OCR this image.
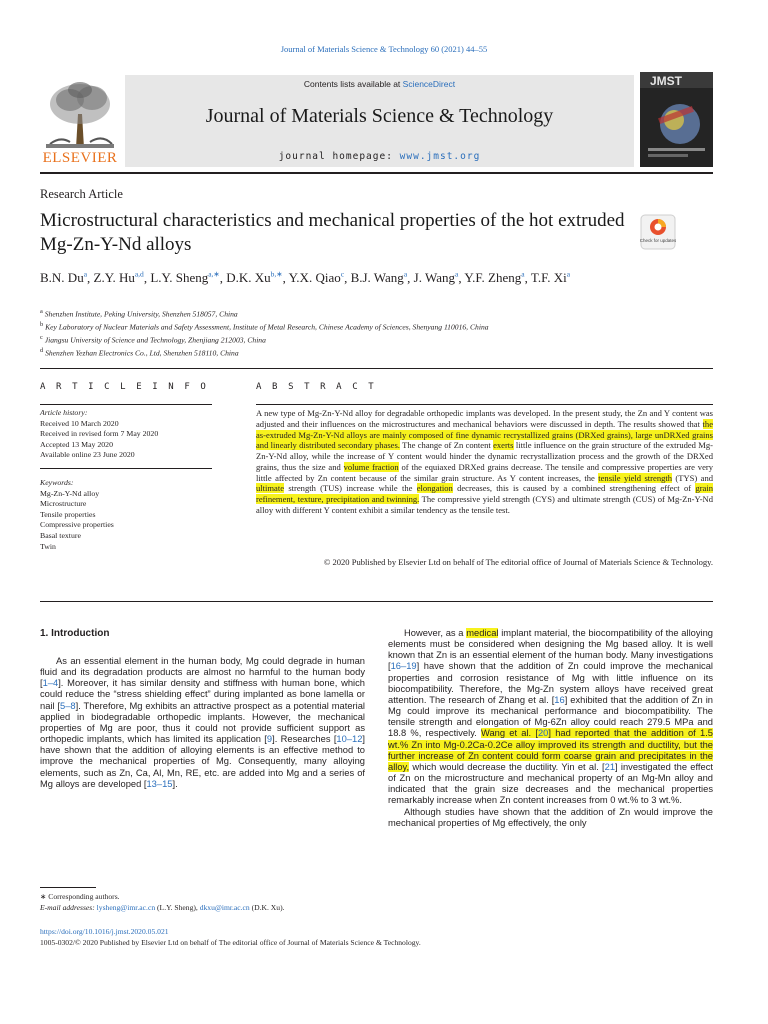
Journal of Materials Science & Technology 60 (2021) 44–55
ELSEVIER
Contents lists available at ScienceDirect
Journal of Materials Science & Technology
journal homepage: www.jmst.org
JMST
Research Article
Microstructural characteristics and mechanical properties of the hot extruded Mg-Zn-Y-Nd alloys	Check for updates
B.N. Du$^a$, Z.Y. Hu$^{a,d}$, L.Y. Sheng$^{a,∗}$, D.K. $Xu^{b,∗}$, Y.X. Qiao$^c$, B.J. Wang$^a$, J. Wang$^a$, Y.F. Zheng$^a$, T.F. Xi$^a$
$^a$ Shenzhen Institute, Peking University, Shenzhen 518057, China
$^b$ Key Laboratory of Nuclear Materials and Safety Assessment, Institute of Metal Research, Chinese Academy of Sciences, Shenyang 110016, China
$^c$ Jiangsu University of Science and Technology, Zhenjiang 212003, China
$^d$ Shenzhen Yezhan Electronics Co., Ltd, Shenzhen 518110, China
A R T I C L E I N F O	A B S T R A C T
Article history:
Received 10 March 2020
Received in revised form 7 May 2020
Accepted 13 May 2020
Available online 23 June 2020
Keywords:
Mg-Zn-Y-Nd alloy
Microstructure
Tensile properties
Compressive properties
Basal texture
Twin
A new type of Mg-Zn-Y-Nd alloy for degradable orthopedic implants was developed. In the present study, the Zn and Y content was adjusted and their influences on the microstructures and mechanical behaviors were discussed in depth. The results showed that the as-extruded Mg-Zn-Y-Nd alloys are mainly composed of fine dynamic recrystallized grains (DRXed grains), large unDRXed grains and linearly distributed secondary phases. The change of Zn content exerts little influence on the grain structure of the extruded Mg-Zn-Y-Nd alloy, while the increase of Y content would hinder the dynamic recrystallization process and the growth of the DRXed grains, thus the size and volume fraction of the equiaxed DRXed grains decrease. The tensile and compressive properties are very little affected by Zn content because of the similar grain structure. As Y content increases, the tensile yield strength (TYS) and ultimate strength (TUS) increase while the elongation decreases, this is caused by a combined strengthening effect of grain refinement, texture, precipitation and twinning. The compressive yield strength (CYS) and ultimate strength (CUS) of Mg-Zn-Y-Nd alloy with different Y content exhibit a similar tendency as the tensile test.
© 2020 Published by Elsevier Ltd on behalf of The editorial office of Journal of Materials Science & Technology.
1. Introduction

As an essential element in the human body, Mg could degrade in human fluid and its degradation products are almost no harmful to the human body [1–4]. Moreover, it has similar density and stiffness with human bone, which could reduce the “stress shielding effect” during implanted as bone lamella or nail [5–8]. Therefore, Mg exhibits an attractive prospect as a potential material applied in biodegradable orthopedic implants. However, the mechanical properties of Mg are poor, thus it could not provide sufficient support as orthopedic implants, which has limited its application [9]. Researches [10–12] have shown that the addition of alloying elements is an effective method to improve the mechanical properties of Mg. Consequently, many alloying elements, such as Zn, Ca, Al, Mn, RE, etc. are added into Mg and a series of Mg alloys are developed [13–15].

However, as a medical implant material, the biocompatibility of the alloying elements must be considered when designing the Mg based alloy. It is well known that Zn is an essential element of the human body. Many investigations [16–19] have shown that the addition of Zn could improve the mechanical properties and corrosion resistance of Mg with little influence on its biocompatibility. Therefore, the Mg-Zn system alloys have received great attention. The research of Zhang et al. [16] exhibited that the addition of Zn in Mg could improve its mechanical performance and biocompatibility. The tensile strength and elongation of Mg-6Zn alloy could reach 279.5 MPa and 18.8 %, respectively. Wang et al. [20] had reported that the addition of 1.5 wt.% Zn into Mg-0.2Ca-0.2Ce alloy improved its strength and ductility, but the further increase of Zn content could form coarse grain and precipitates in the alloy, which would decrease the ductility. Yin et al. [21] investigated the effect of Zn on the microstructure and mechanical property of an Mg-Mn alloy and indicated that the grain size decreases and the mechanical properties remarkably increase when Zn content increases from 0 wt.% to 3 wt.%.

Although studies have shown that the addition of Zn would improve the mechanical properties of Mg effectively, the only

∗ Corresponding authors.
E-mail addresses: lysheng@imr.ac.cn (L.Y. Sheng), dkxu@imr.ac.cn (D.K. Xu).
https://doi.org/10.1016/j.jmst.2020.05.021
1005-0302/© 2020 Published by Elsevier Ltd on behalf of The editorial office of Journal of Materials Science & Technology.
